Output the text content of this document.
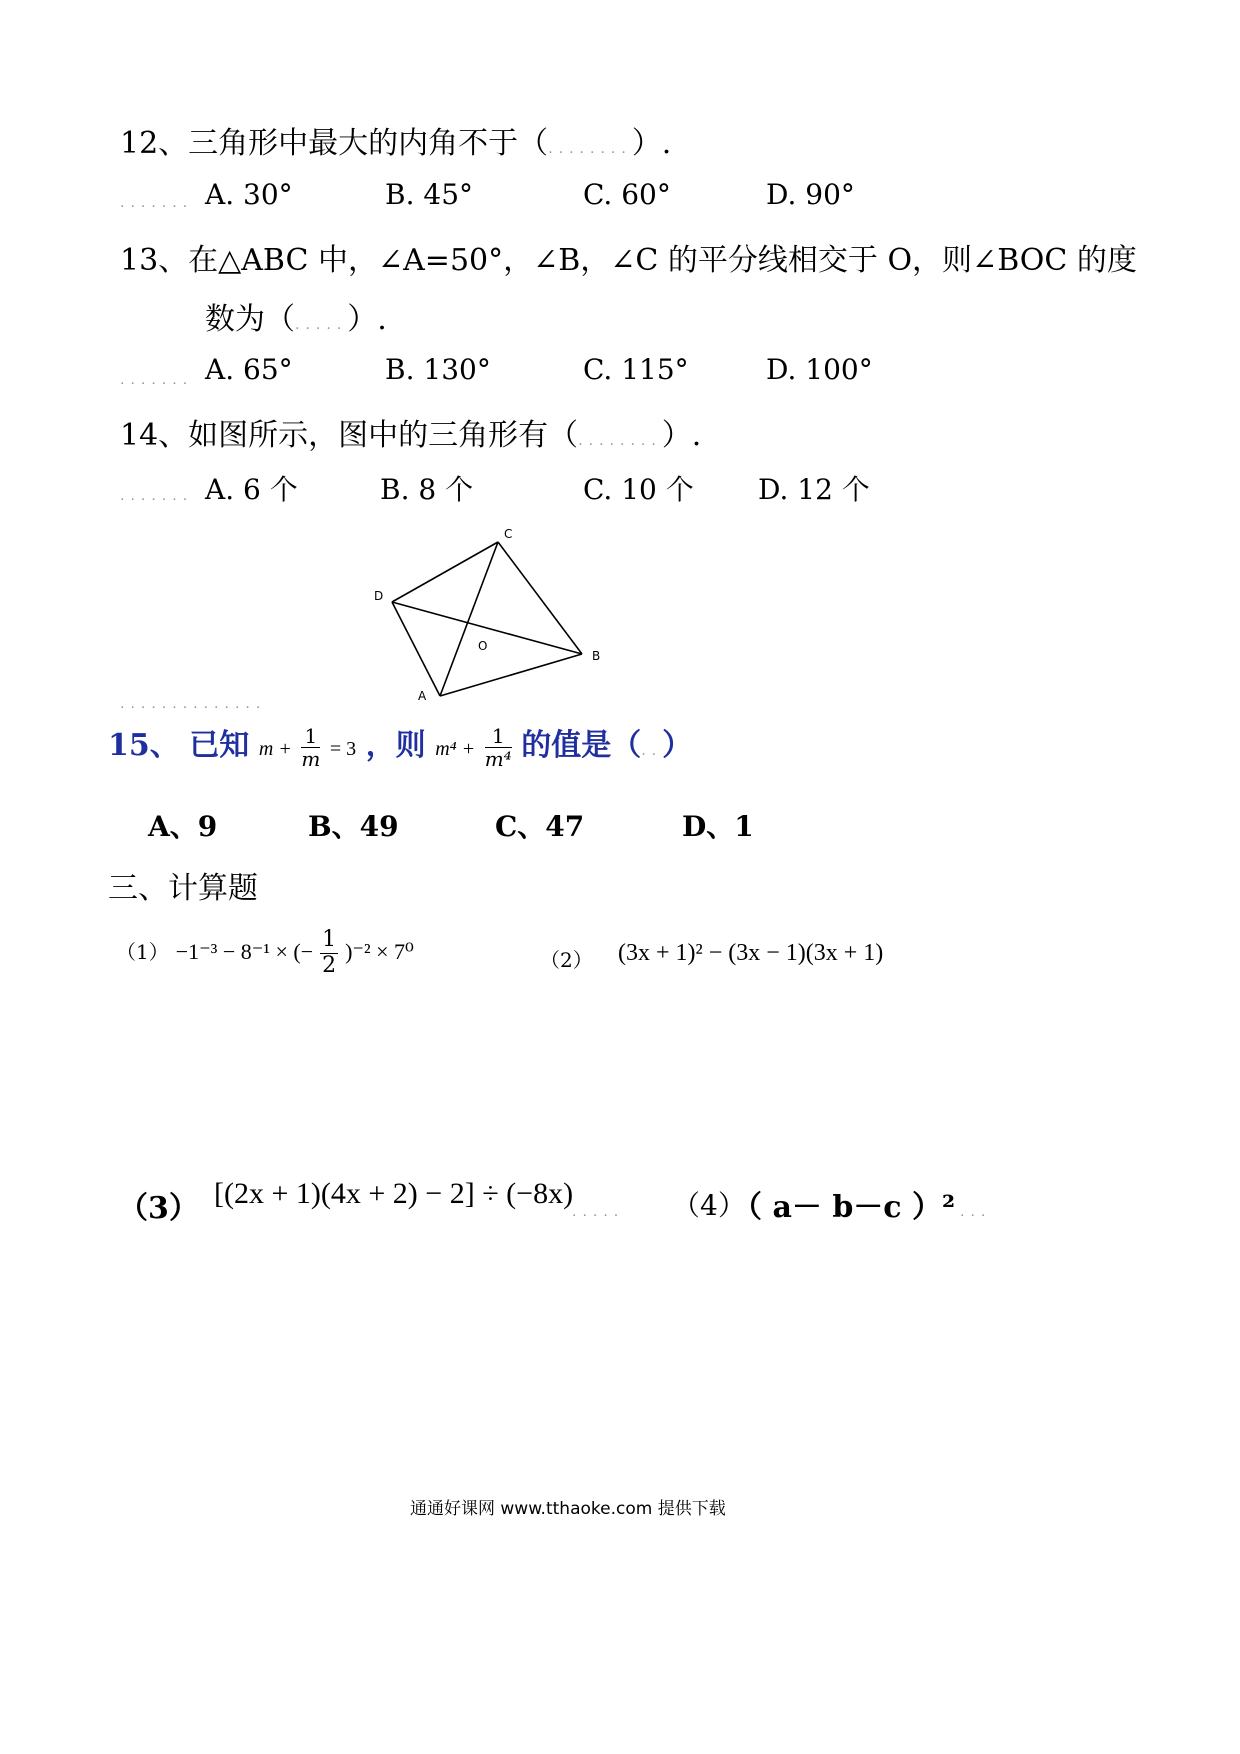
12、三角形中最大的内角不于（........）.
....... A. 30°	B. 45°	C. 60°	D. 90°
13、在△ABC 中，∠A=50°，∠B，∠C 的平分线相交于 O，则∠BOC 的度
数为（.....）.
....... A. 65°	B. 130°	C. 115°	D. 100°
14、如图所示，图中的三角形有（........）.
....... A. 6 个	B. 8 个	C. 10 个 D. 12 个
C
D
O
B
A
..............
15、 已知 $m + \frac{1}{m} = 3$ ，则 $m^4 + \frac{1}{\text{m⁴}}$ 的值是（..）
A、9	B、49	C、47	D、1
三、计算题
（1） −1⁻³ − 8⁻¹ × (− $\frac{1}{2} )^{-2} \times 7^0$	（2） (3x + 1)² − (3x − 1)(3x + 1)
（3） [(2x + 1)(4x + 2) − 2] ÷ (−8x)
..... （4）
（ a－ b－c ）² ...
通通好课网 www.tthaoke.com 提供下载
